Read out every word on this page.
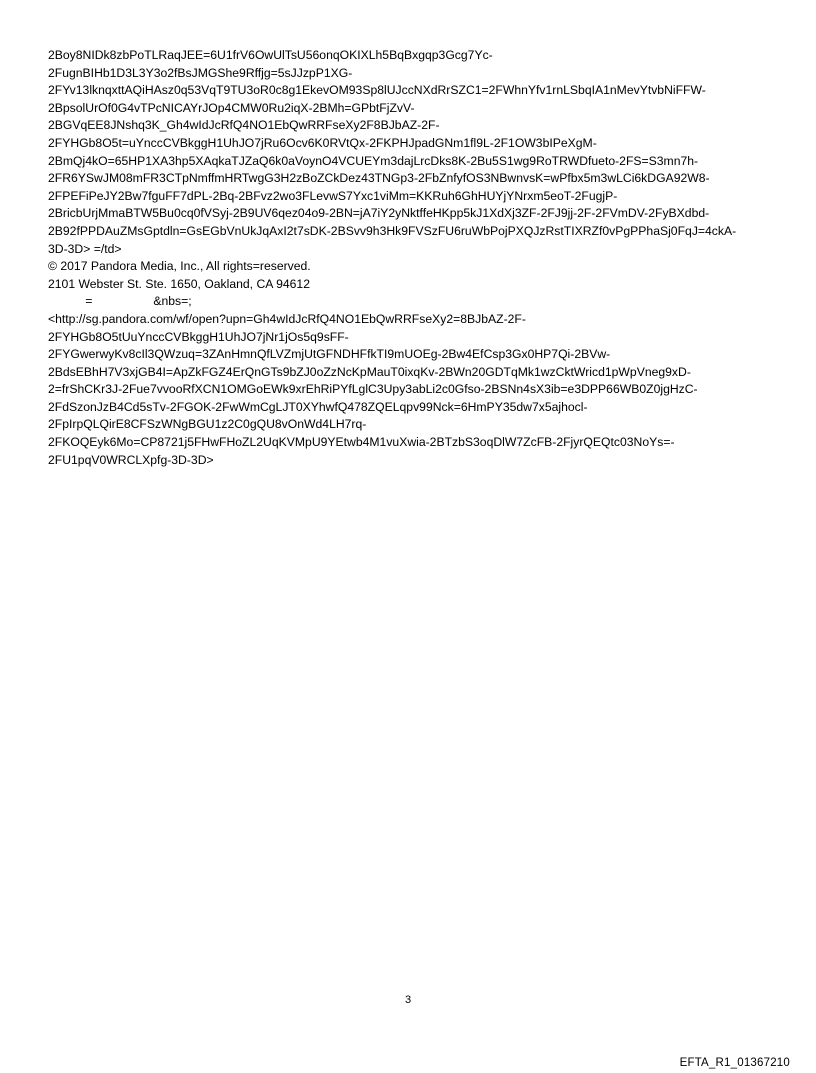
2Boy8NIDk8zbPoTLRaqJEE=6U1frV6OwUlTsU56onqOKIXLh5BqBxgqp3Gcg7Yc-
2FugnBIHb1D3L3Y3o2fBsJMGShe9Rffjg=5sJJzpP1XG-
2FYv13lknqxttAQiHAsz0q53VqT9TU3oR0c8g1EkevOM93Sp8lUJccNXdRrSZC1=2FWhnYfv1rnLSbqIA1nMevYtvbNiFFW-
2BpsolUrOf0G4vTPcNICAYrJOp4CMW0Ru2iqX-2BMh=GPbtFjZvV-
2BGVqEE8JNshq3K_Gh4wIdJcRfQ4NO1EbQwRRFseXy2F8BJbAZ-2F-
2FYHGb8O5t=uYnccCVBkggH1UhJO7jRu6Ocv6K0RVtQx-2FKPHJpadGNm1fl9L-2F1OW3bIPeXgM-
2BmQj4kO=65HP1XA3hp5XAqkaTJZaQ6k0aVoynO4VCUEYm3dajLrcDks8K-2Bu5S1wg9RoTRWDfueto-2FS=S3mn7h-
2FR6YSwJM08mFR3CTpNmffmHRTwgG3H2zBoZCkDez43TNGp3-2FbZnfyfOS3NBwnvsK=wPfbx5m3wLCi6kDGA92W8-
2FPEFiPeJY2Bw7fguFF7dPL-2Bq-2BFvz2wo3FLevwS7Yxc1viMm=KKRuh6GhHUYjYNrxm5eoT-2FugjP-
2BricbUrjMmaBTW5Bu0cq0fVSyj-2B9UV6qez04o9-2BN=jA7iY2yNktffeHKpp5kJ1XdXj3ZF-2FJ9jj-2F-2FVmDV-2FyBXdbd-
2B92fPPDAuZMsGptdln=GsEGbVnUkJqAxI2t7sDK-2BSvv9h3Hk9FVSzFU6ruWbPojPXQJzRstTIXRZf0vPgPPhaSj0FqJ=4ckA-
3D-3D> =/td>
© 2017 Pandora Media, Inc., All rights=reserved.
2101 Webster St. Ste. 1650, Oakland, CA 94612
=                  &nbs=;
<http://sg.pandora.com/wf/open?upn=Gh4wIdJcRfQ4NO1EbQwRRFseXy2=8BJbAZ-2F-
2FYHGb8O5tUuYnccCVBkggH1UhJO7jNr1jOs5q9sFF-
2FYGwerwyKv8cIl3QWzuq=3ZAnHmnQfLVZmjUtGFNDHFfkTI9mUOEg-2Bw4EfCsp3Gx0HP7Qi-2BVw-
2BdsEBhH7V3xjGB4I=ApZkFGZ4ErQnGTs9bZJ0oZzNcKpMauT0ixqKv-2BWn20GDTqMk1wzCktWricd1pWpVneg9xD-
2=frShCKr3J-2Fue7vvooRfXCN1OMGoEWk9xrEhRiPYfLglC3Upy3abLi2c0Gfso-2BSNn4sX3ib=e3DPP66WB0Z0jgHzC-
2FdSzonJzB4Cd5sTv-2FGOK-2FwWmCgLJT0XYhwfQ478ZQELqpv99Nck=6HmPY35dw7x5ajhocl-
2FpIrpQLQirE8CFSzWNgBGU1z2C0gQU8vOnWd4LH7rq-
2FKOQEyk6Mo=CP8721j5FHwFHoZL2UqKVMpU9YEtwb4M1vuXwia-2BTzbS3oqDlW7ZcFB-2FjyrQEQtc03NoYs=-
2FU1pqV0WRCLXpfg-3D-3D>
3
EFTA_R1_01367210
